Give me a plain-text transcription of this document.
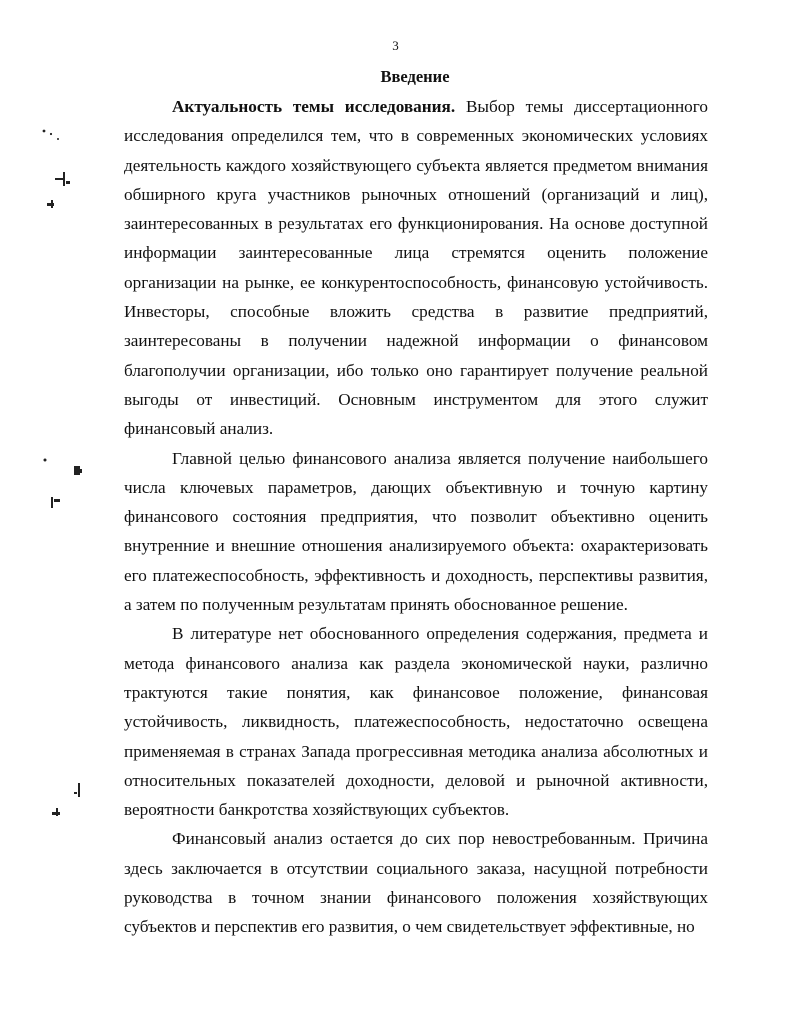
3
Введение

Актуальность темы исследования. Выбор темы диссертационного исследования определился тем, что в современных экономических условиях деятельность каждого хозяйствующего субъекта является предметом внимания обширного круга участников рыночных отношений (организаций и лиц), заинтересованных в результатах его функционирования. На основе доступной информации заинтересованные лица стремятся оценить положение организации на рынке, ее конкурентоспособность, финансовую устойчивость. Инвесторы, способные вложить средства в развитие предприятий, заинтересованы в получении надежной информации о финансовом благополучии организации, ибо только оно гарантирует получение реальной выгоды от инвестиций. Основным инструментом для этого служит финансовый анализ.

Главной целью финансового анализа является получение наибольшего числа ключевых параметров, дающих объективную и точную картину финансового состояния предприятия, что позволит объективно оценить внутренние и внешние отношения анализируемого объекта: охарактеризовать его платежеспособность, эффективность и доходность, перспективы развития, а затем по полученным результатам принять обоснованное решение.

В литературе нет обоснованного определения содержания, предмета и метода финансового анализа как раздела экономической науки, различно трактуются такие понятия, как финансовое положение, финансовая устойчивость, ликвидность, платежеспособность, недостаточно освещена применяемая в странах Запада прогрессивная методика анализа абсолютных и относительных показателей доходности, деловой и рыночной активности, вероятности банкротства хозяйствующих субъектов.

Финансовый анализ остается до сих пор невостребованным. Причина здесь заключается в отсутствии социального заказа, насущной потребности руководства в точном знании финансового положения хозяйствующих субъектов и перспектив его развития, о чем свидетельствует эффективные, но
